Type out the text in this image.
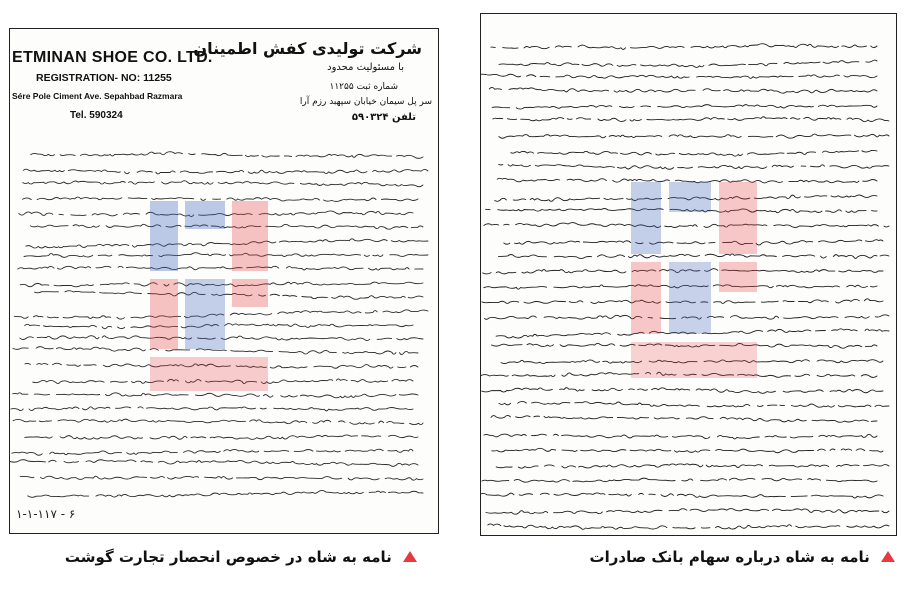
ETMINAN SHOE CO. LTD.
REGISTRATION- NO: 11255
Sére Pole Ciment Ave. Sepahbad Razmara
Tel. 590324
شرکت تولیدی کفش اطمینان
با مسئولیت محدود
شماره ثبت ۱۱۲۵۵
سر پل سیمان خیابان سپهبد رزم آرا
تلفن ۵۹۰۳۲۴
۱-۱-۱۱۷ - ۶
نامه به شاه در خصوص انحصار تجارت گوشت	نامه به شاه درباره سهام بانک صادرات
